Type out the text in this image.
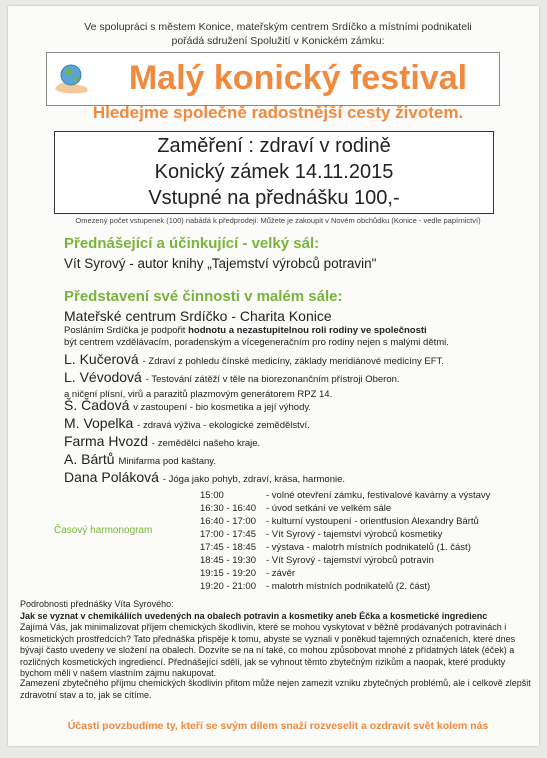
Ve spolupráci s městem Konice, mateřským centrem Srdíčko a místními podnikateli
pořádá sdružení Spolužití v Konickém zámku:
Malý konický festival
Hledejme společně radostnější cesty životem.
Zaměření : zdraví v rodině
Konický zámek 14.11.2015
Vstupné na přednášku 100,-
Omezený počet vstupenek (100) nabádá k předprodeji. Můžete je zakoupit v Novém obchůdku (Konice - vedle papírnictví)
Přednášející a účinkující - velký sál:
Vít Syrový - autor knihy „Tajemství výrobců potravin"
Představení své činnosti v malém sále:
Mateřské centrum Srdíčko - Charita Konice
Posláním Srdíčka je podpořit hodnotu a nezastupitelnou roli rodiny ve společnosti
být centrem vzdělávacím, poradenským a vícegeneračním pro rodiny nejen s malými dětmi.
L. Kučerová - Zdraví z pohledu čínské medicíny, základy meridiánové medicíny EFT.
L. Vévodová - Testování zátěží v těle na biorezonančním přístroji Oberon.
a ničení plísní, virů a parazitů plazmovým generátorem RPZ 14.
Š. Čadová v zastoupení - bio kosmetika a její výhody.
M. Vopelka - zdravá výživa - ekologické zemědělství.
Farma Hvozd - zemědělci našeho kraje.
A. Bártů Minifarma pod kaštany.
Dana Poláková - Jóga jako pohyb, zdraví, krása, harmonie.
Časový harmonogram
15:00	- volné otevření zámku, festivalové kavárny a výstavy
16:30 - 16:40	- úvod setkání ve velkém sále
16:40 - 17:00	- kulturní vystoupení - orientfusion Alexandry Bártů
17:00 - 17:45	- Vít Syrový - tajemství výrobců kosmetiky
17:45 - 18:45	- výstava - malotrh místních podnikatelů (1. část)
18:45 - 19:30	- Vít Syrový - tajemství výrobců potravin
19:15 - 19:20	- závěr
19:20 - 21:00	- malotrh místních podnikatelů (2. část)
Podrobnosti přednášky Víta Syrového:
Jak se vyznat v chemikáliích uvedených na obalech potravin a kosmetiky aneb Éčka a kosmetické ingredienc
Zajímá Vás, jak minimalizovat příjem chemických škodlivin, které se mohou vyskytovat v běžně prodávaných potravinách i kosmetických prostředcích? Tato přednáška přispěje k tomu, abyste se vyznali v poněkud tajemných označeních, které dnes bývají často uvedeny ve složení na obalech. Dozvíte se na ní také, co mohou způsobovat mnohé z přídatných látek (éček) a rozličných kosmetických ingrediencí. Přednášející sdělí, jak se vyhnout těmto zbytečným rizikům a naopak, které produkty bychom měli v našem vlastním zájmu nakupovat.
Zamezení zbytečného příjmu chemických škodlivin přitom může nejen zamezit vzniku zbytečných problémů, ale i celkově zlepšit zdravotní stav a to, jak se cítíme.
Účastí povzbudíme ty, kteří se svým dílem snaží rozveselit a ozdravit svět kolem nás
